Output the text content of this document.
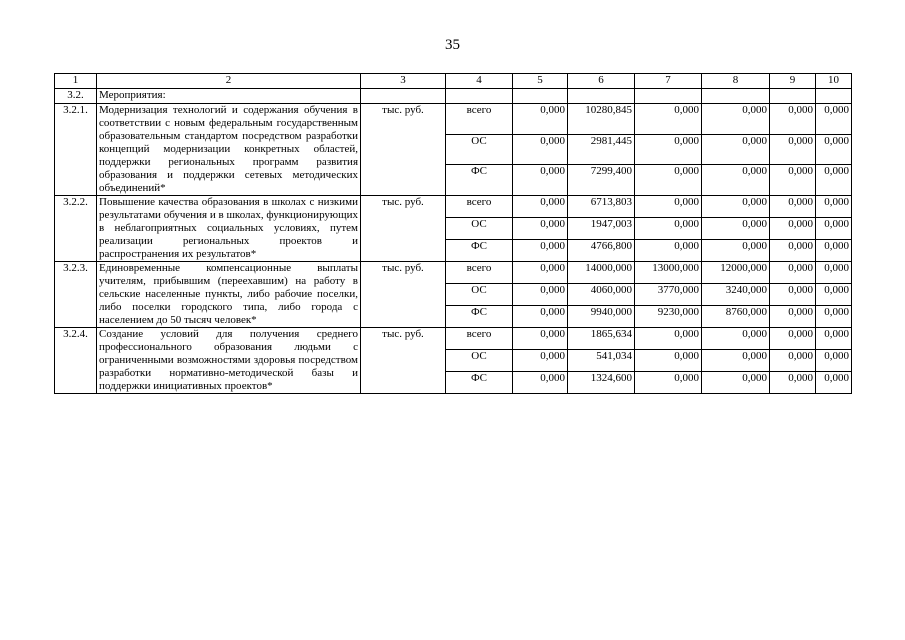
35
1	2	3	4	5	6	7	8	9	10
3.2.	Мероприятия:								
3.2.1.	Модернизация технологий и содержания обучения в соответствии с новым федеральным государственным образовательным стандартом посредством разработки концепций модернизации конкретных областей, поддержки региональных программ развития образования и поддержки сетевых методических объединений*	тыс. руб.	всего	0,000	10280,845	0,000	0,000	0,000	0,000
			ОС	0,000	2981,445	0,000	0,000	0,000	0,000
			ФС	0,000	7299,400	0,000	0,000	0,000	0,000
3.2.2.	Повышение качества образования в школах с низкими результатами обучения и в школах, функционирующих в неблагоприятных социальных условиях, путем реализации региональных проектов и распространения их результатов*	тыс. руб.	всего	0,000	6713,803	0,000	0,000	0,000	0,000
			ОС	0,000	1947,003	0,000	0,000	0,000	0,000
			ФС	0,000	4766,800	0,000	0,000	0,000	0,000
3.2.3.	Единовременные компенсационные выплаты учителям, прибывшим (переехавшим) на работу в сельские населенные пункты, либо рабочие поселки, либо поселки городского типа, либо города с населением до 50 тысяч человек*	тыс. руб.	всего	0,000	14000,000	13000,000	12000,000	0,000	0,000
			ОС	0,000	4060,000	3770,000	3240,000	0,000	0,000
			ФС	0,000	9940,000	9230,000	8760,000	0,000	0,000
3.2.4.	Создание условий для получения среднего профессионального образования людьми с ограниченными возможностями здоровья посредством разработки нормативно-методической базы и поддержки инициативных проектов*	тыс. руб.	всего	0,000	1865,634	0,000	0,000	0,000	0,000
			ОС	0,000	541,034	0,000	0,000	0,000	0,000
			ФС	0,000	1324,600	0,000	0,000	0,000	0,000
